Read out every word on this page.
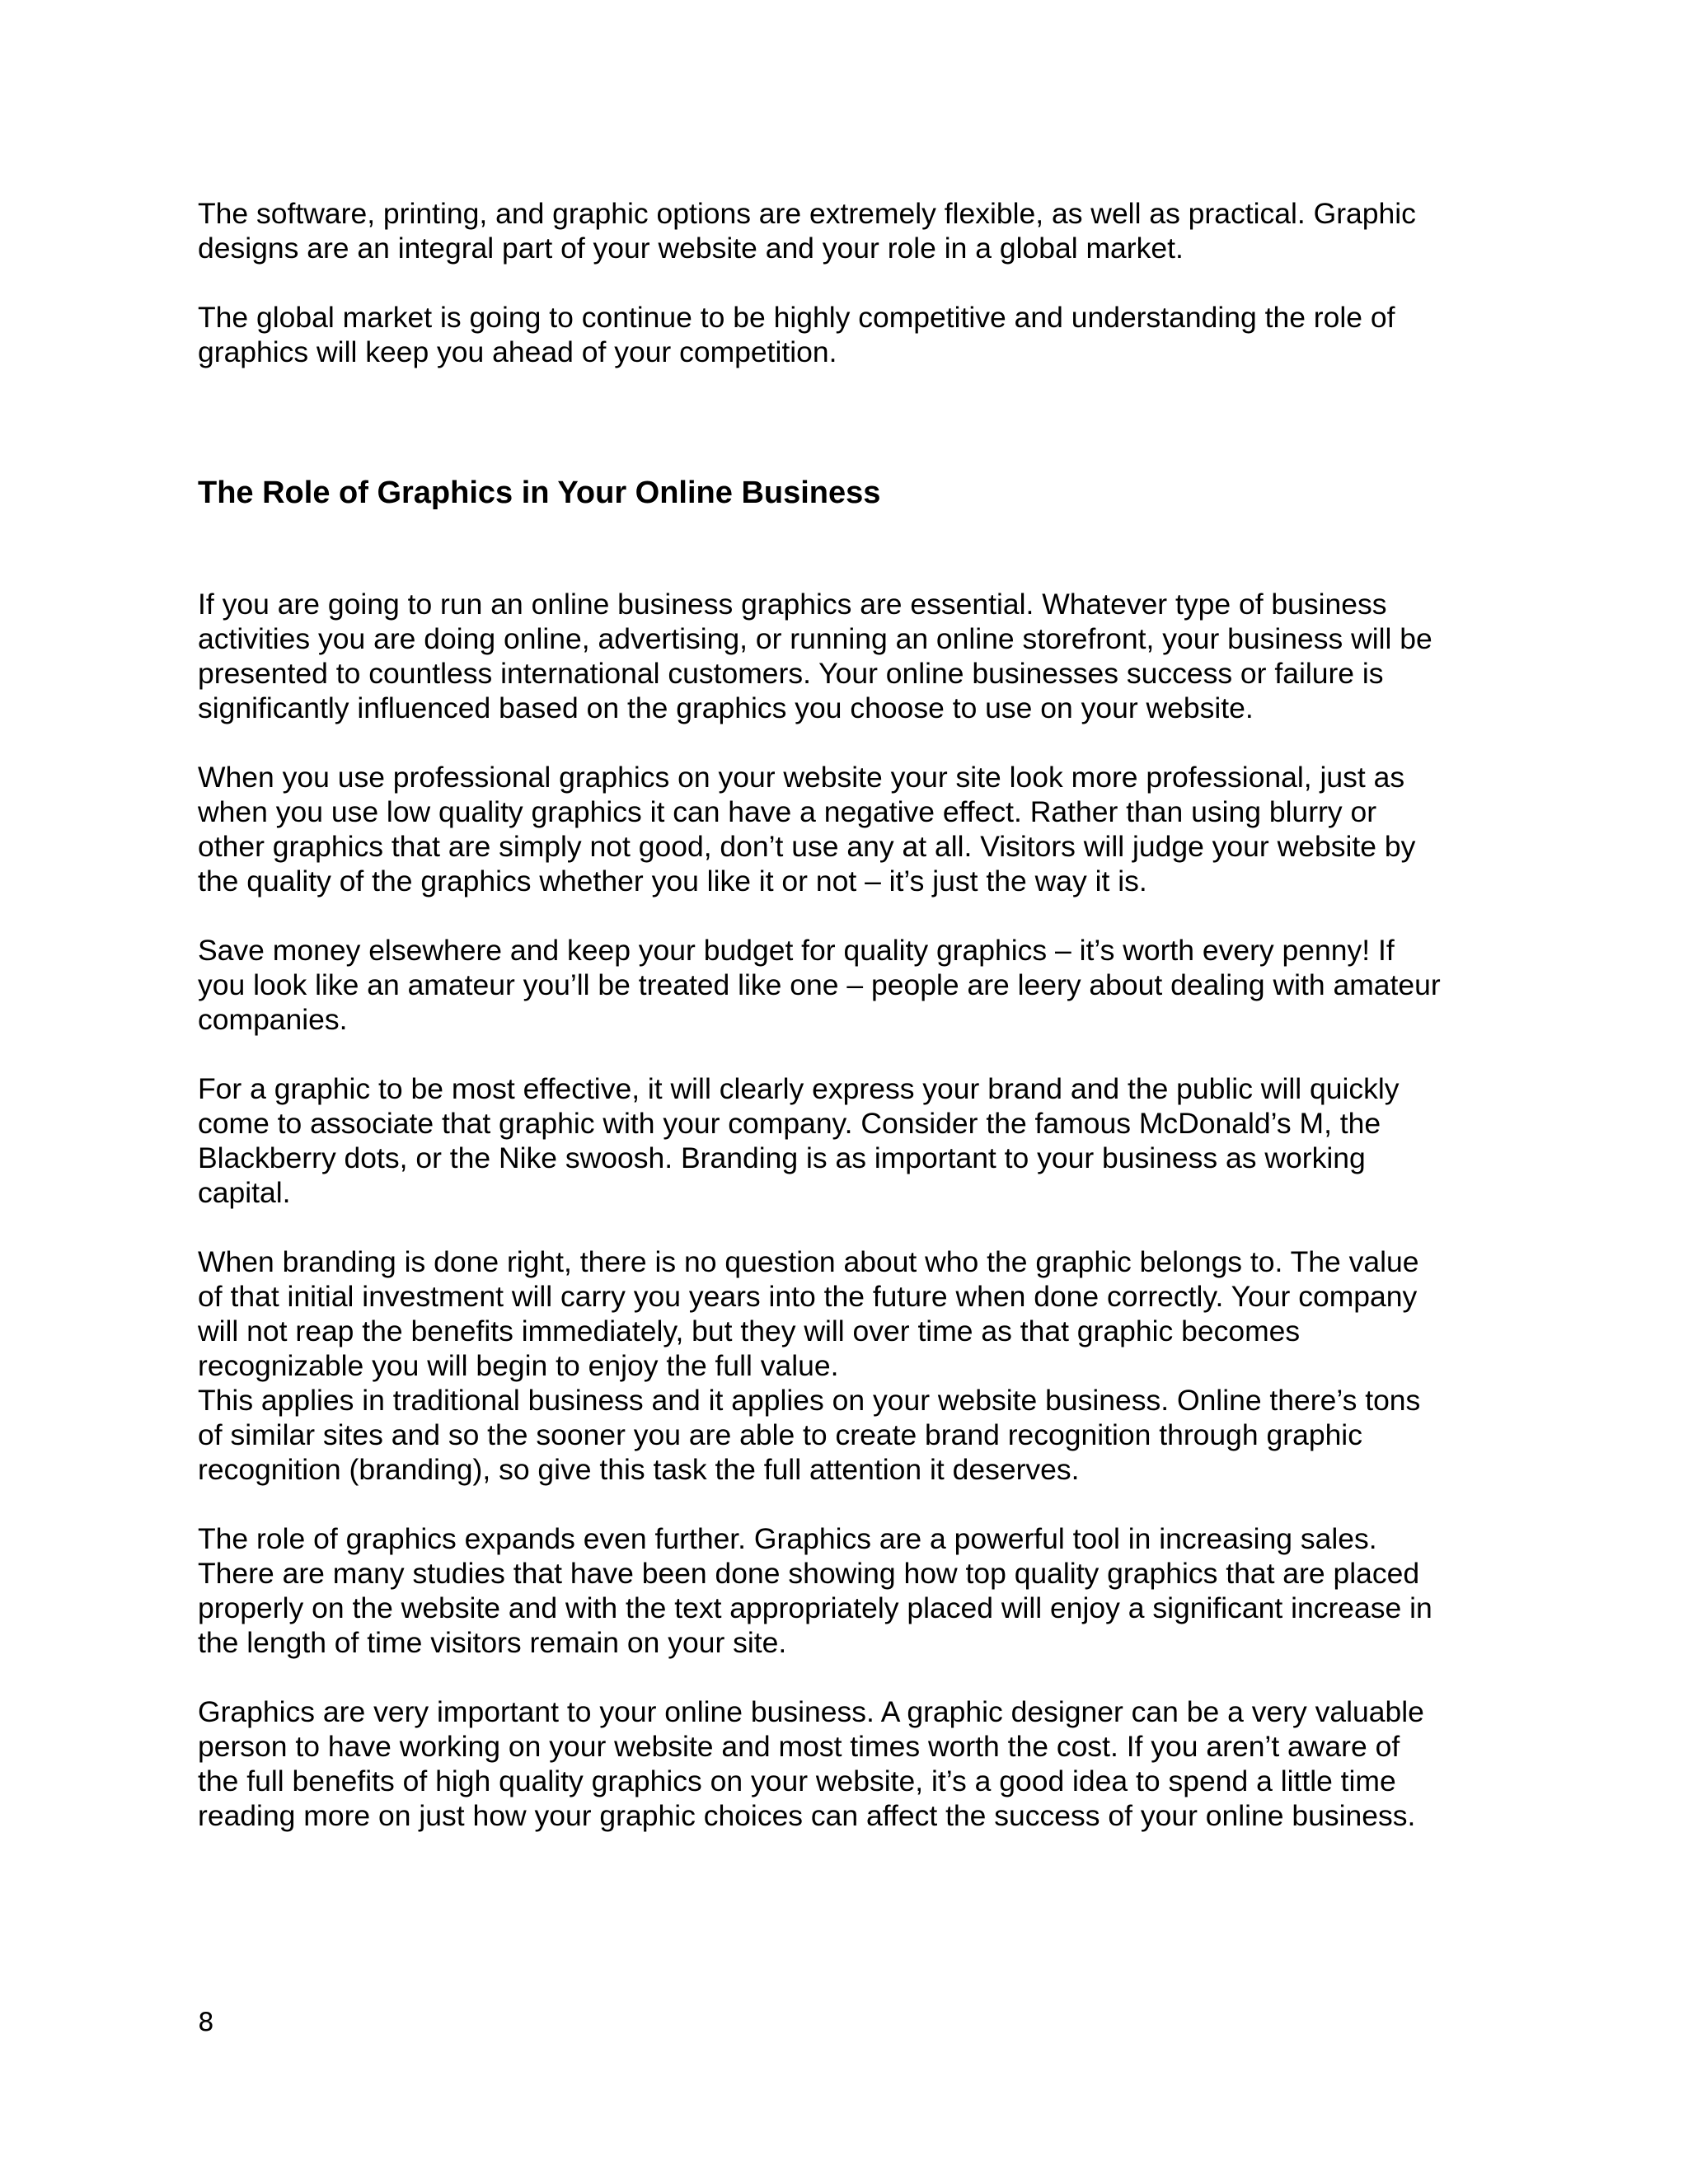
The software, printing, and graphic options are extremely flexible, as well as practical. Graphic
designs are an integral part of your website and your role in a global market.
The global market is going to continue to be highly competitive and understanding the role of
graphics will keep you ahead of your competition.
The Role of Graphics in Your Online Business
If you are going to run an online business graphics are essential. Whatever type of business
activities you are doing online, advertising, or running an online storefront, your business will be
presented to countless international customers. Your online businesses success or failure is
significantly influenced based on the graphics you choose to use on your website.
When you use professional graphics on your website your site look more professional, just as
when you use low quality graphics it can have a negative effect. Rather than using blurry or
other graphics that are simply not good, don’t use any at all. Visitors will judge your website by
the quality of the graphics whether you like it or not – it’s just the way it is.
Save money elsewhere and keep your budget for quality graphics – it’s worth every penny! If
you look like an amateur you’ll be treated like one – people are leery about dealing with amateur
companies.
For a graphic to be most effective, it will clearly express your brand and the public will quickly
come to associate that graphic with your company. Consider the famous McDonald’s M, the
Blackberry dots, or the Nike swoosh. Branding is as important to your business as working
capital.
When branding is done right, there is no question about who the graphic belongs to. The value
of that initial investment will carry you years into the future when done correctly. Your company
will not reap the benefits immediately, but they will over time as that graphic becomes
recognizable you will begin to enjoy the full value.
This applies in traditional business and it applies on your website business. Online there’s tons
of similar sites and so the sooner you are able to create brand recognition through graphic
recognition (branding), so give this task the full attention it deserves.
The role of graphics expands even further. Graphics are a powerful tool in increasing sales.
There are many studies that have been done showing how top quality graphics that are placed
properly on the website and with the text appropriately placed will enjoy a significant increase in
the length of time visitors remain on your site.
Graphics are very important to your online business. A graphic designer can be a very valuable
person to have working on your website and most times worth the cost. If you aren’t aware of
the full benefits of high quality graphics on your website, it’s a good idea to spend a little time
reading more on just how your graphic choices can affect the success of your online business.
8
